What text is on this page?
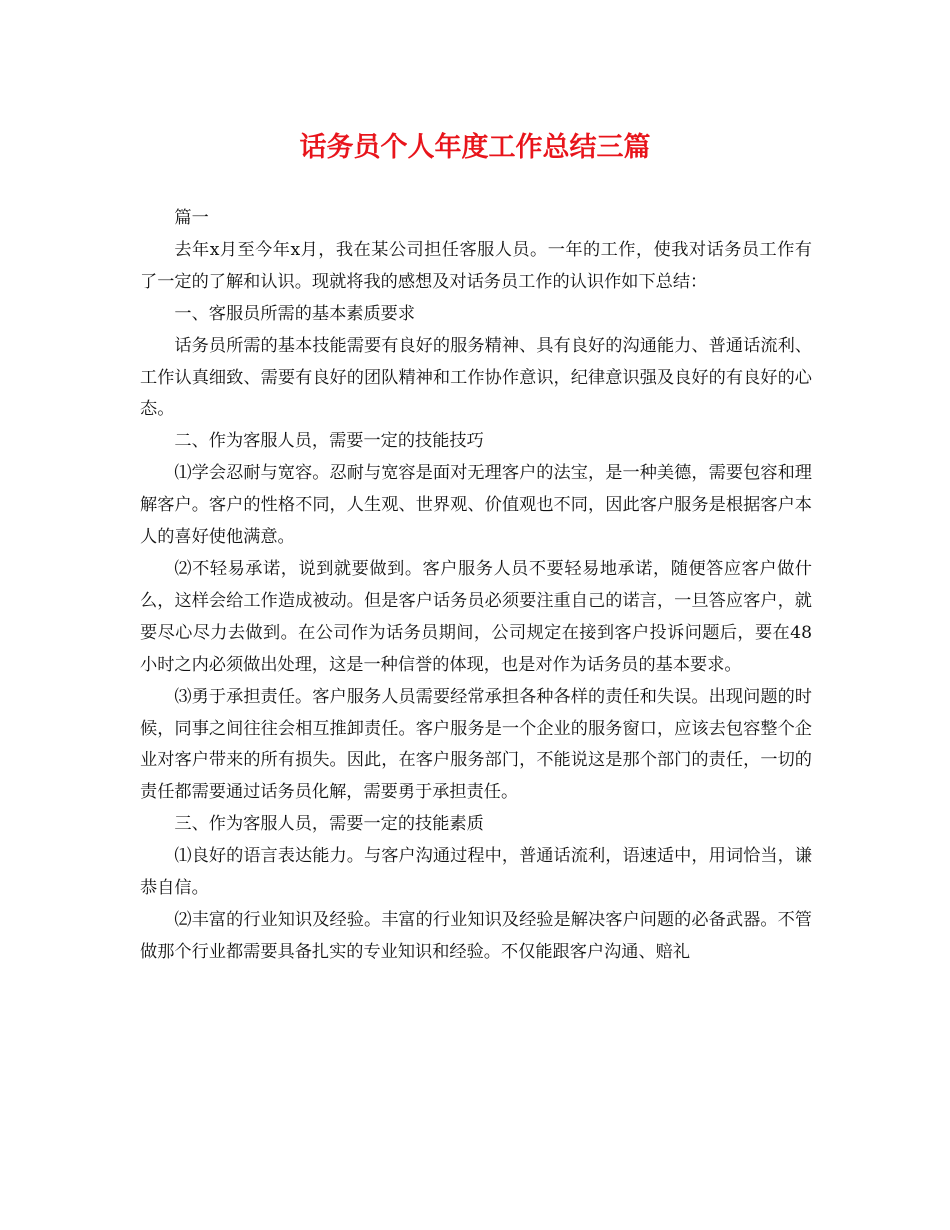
话务员个人年度工作总结三篇

篇一

去年x月至今年x月，我在某公司担任客服人员。一年的工作，使我对话务员工作有了一定的了解和认识。现就将我的感想及对话务员工作的认识作如下总结：

一、客服员所需的基本素质要求

话务员所需的基本技能需要有良好的服务精神、具有良好的沟通能力、普通话流利、工作认真细致、需要有良好的团队精神和工作协作意识，纪律意识强及良好的有良好的心态。

二、作为客服人员，需要一定的技能技巧

⑴学会忍耐与宽容。忍耐与宽容是面对无理客户的法宝，是一种美德，需要包容和理解客户。客户的性格不同，人生观、世界观、价值观也不同，因此客户服务是根据客户本人的喜好使他满意。

⑵不轻易承诺，说到就要做到。客户服务人员不要轻易地承诺，随便答应客户做什么，这样会给工作造成被动。但是客户话务员必须要注重自己的诺言，一旦答应客户，就要尽心尽力去做到。在公司作为话务员期间，公司规定在接到客户投诉问题后，要在48小时之内必须做出处理，这是一种信誉的体现，也是对作为话务员的基本要求。

⑶勇于承担责任。客户服务人员需要经常承担各种各样的责任和失误。出现问题的时候，同事之间往往会相互推卸责任。客户服务是一个企业的服务窗口，应该去包容整个企业对客户带来的所有损失。因此，在客户服务部门，不能说这是那个部门的责任，一切的责任都需要通过话务员化解，需要勇于承担责任。

三、作为客服人员，需要一定的技能素质

⑴良好的语言表达能力。与客户沟通过程中，普通话流利，语速适中，用词恰当，谦恭自信。

⑵丰富的行业知识及经验。丰富的行业知识及经验是解决客户问题的必备武器。不管做那个行业都需要具备扎实的专业知识和经验。不仅能跟客户沟通、赔礼
